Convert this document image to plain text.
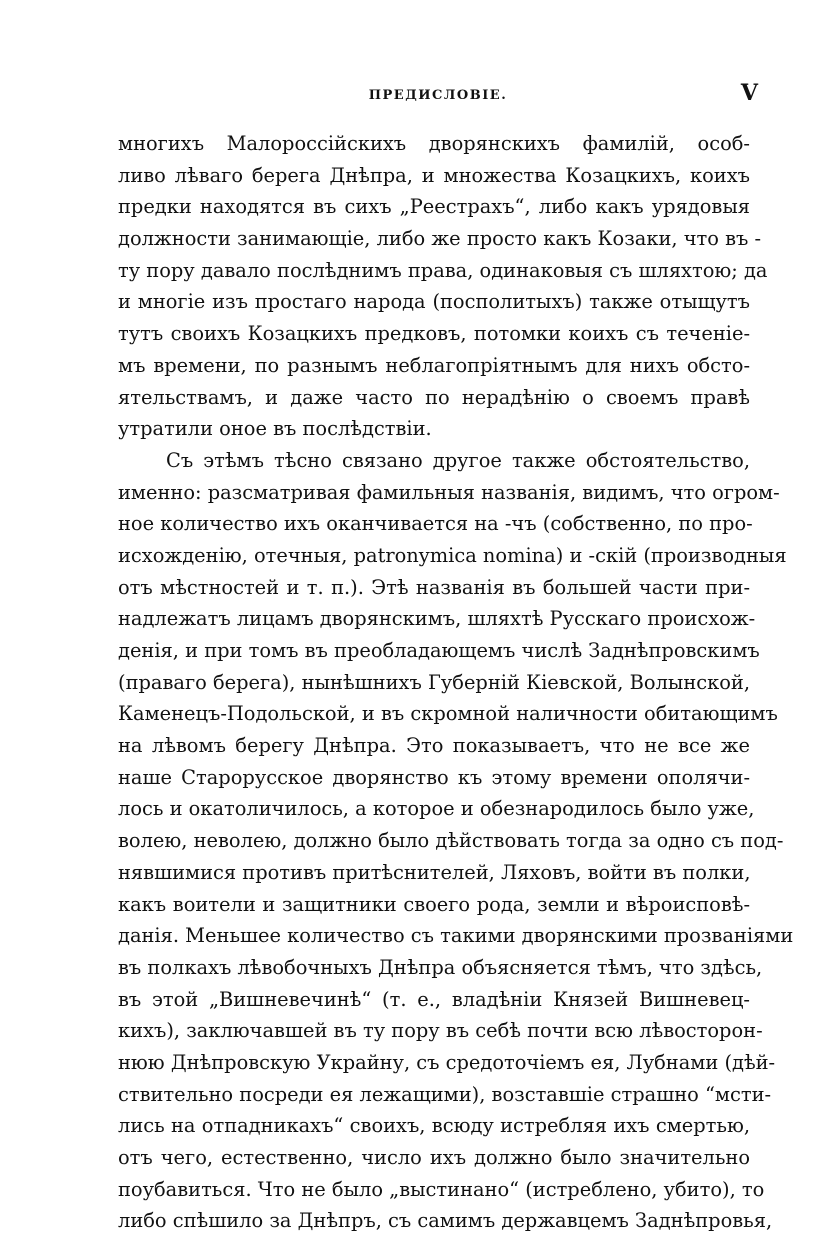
ПРЕДИСЛОВІЕ.	V
многихъ Малороссійскихъ дворянскихъ фамилій, особ-
ливо лѣваго берега Днѣпра, и множества Козацкихъ, коихъ
предки находятся въ сихъ „Реестрахъ“, либо какъ урядовыя
должности занимающіе, либо же просто какъ Козаки, что въ -
ту пору давало послѣднимъ права, одинаковыя съ шляхтою; да
и многіе изъ простаго народа (посполитыхъ) также отыщутъ
тутъ своихъ Козацкихъ предковъ, потомки коихъ съ теченіе-
мъ времени, по разнымъ неблагопріятнымъ для нихъ обсто-
ятельствамъ, и даже часто по нерадѣнію о своемъ правѣ
утратили оное въ послѣдствіи.
Съ этѣмъ тѣсно связано другое также обстоятельство,
именно: разсматривая фамильныя названія, видимъ, что огром-
ное количество ихъ оканчивается на -чъ (собственно, по про-
исхожденію, отечныя, patronymica nomina) и -скій (производныя
отъ мѣстностей и т. п.). Этѣ названія въ большей части при-
надлежатъ лицамъ дворянскимъ, шляхтѣ Русскаго происхож-
денія, и при томъ въ преобладающемъ числѣ Заднѣпровскимъ
(праваго берега), нынѣшнихъ Губерній Кіевской, Волынской,
Каменецъ-Подольской, и въ скромной наличности обитающимъ
на лѣвомъ берегу Днѣпра. Это показываетъ, что не все же
наше Старорусское дворянство къ этому времени ополячи-
лось и окатоличилось, а которое и обезнародилось было уже,
волею, неволею, должно было дѣйствовать тогда за одно съ под-
нявшимися противъ притѣснителей, Ляховъ, войти въ полки,
какъ воители и защитники своего рода, земли и вѣроисповѣ-
данія. Меньшее количество съ такими дворянскими прозваніями
въ полкахъ лѣвобочныхъ Днѣпра объясняется тѣмъ, что здѣсь,
въ этой „Вишневечинѣ“ (т. е., владѣніи Князей Вишневец-
кихъ), заключавшей въ ту пору въ себѣ почти всю лѣвосторон-
нюю Днѣпровскую Украйну, съ средоточіемъ ея, Лубнами (дѣй-
ствительно посреди ея лежащими), возставшіе страшно “мсти-
лись на отпадникахъ“ своихъ, всюду истребляя ихъ смертью,
отъ чего, естественно, число ихъ должно было значительно
поубавиться. Что не было „выстинано“ (истреблено, убито), то
либо спѣшило за Днѣпръ, съ самимъ державцемъ Заднѣпровья,
